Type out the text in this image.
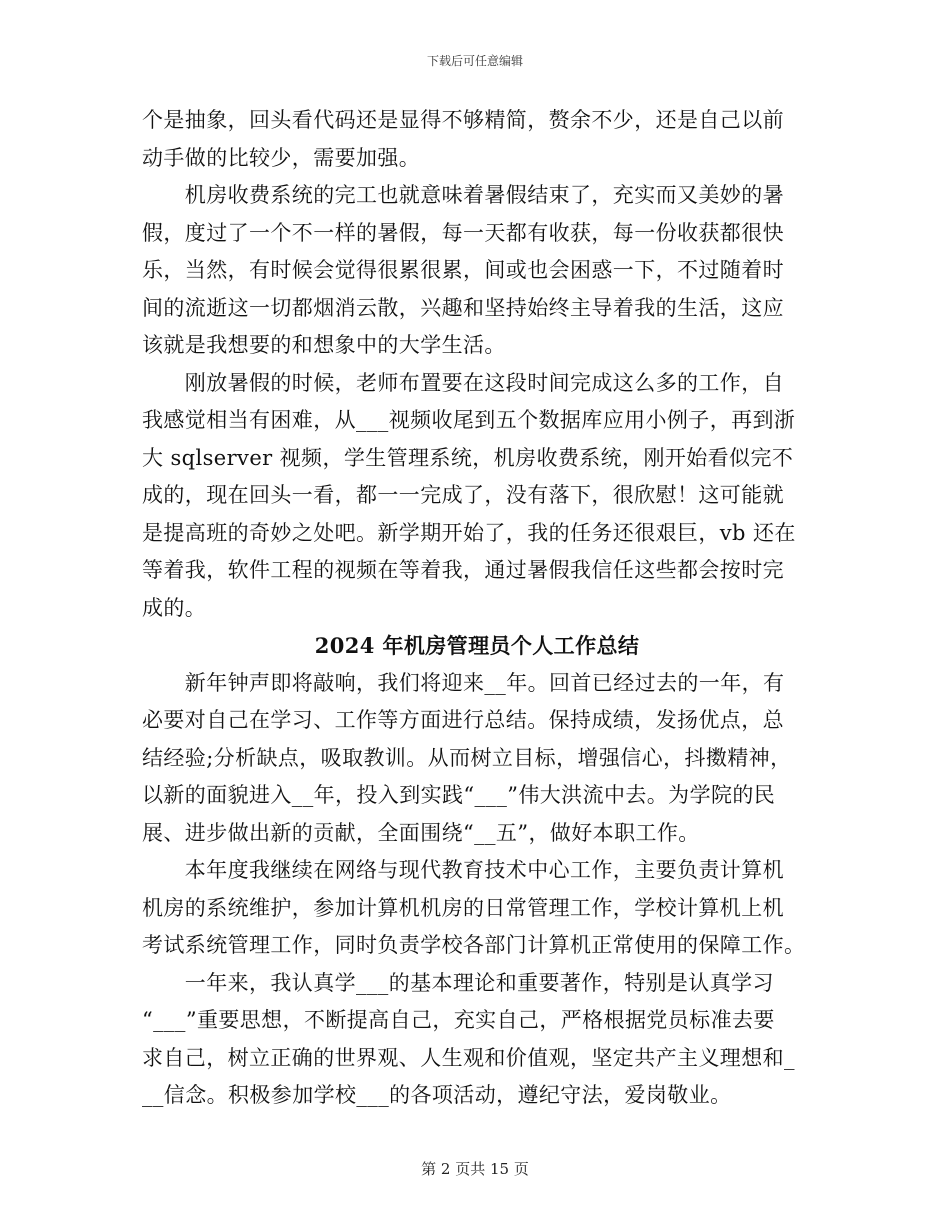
下载后可任意编辑
个是抽象，回头看代码还是显得不够精简，赘余不少，还是自己以前
动手做的比较少，需要加强。
　　机房收费系统的完工也就意味着暑假结束了，充实而又美妙的暑
假，度过了一个不一样的暑假，每一天都有收获，每一份收获都很快
乐，当然，有时候会觉得很累很累，间或也会困惑一下，不过随着时
间的流逝这一切都烟消云散，兴趣和坚持始终主导着我的生活，这应
该就是我想要的和想象中的大学生活。
　　刚放暑假的时候，老师布置要在这段时间完成这么多的工作，自
我感觉相当有困难，从___视频收尾到五个数据库应用小例子，再到浙
大 sqlserver 视频，学生管理系统，机房收费系统，刚开始看似完不
成的，现在回头一看，都一一完成了，没有落下，很欣慰！这可能就
是提高班的奇妙之处吧。新学期开始了，我的任务还很艰巨，vb 还在
等着我，软件工程的视频在等着我，通过暑假我信任这些都会按时完
成的。
2024 年机房管理员个人工作总结
　　新年钟声即将敲响，我们将迎来__年。回首已经过去的一年，有
必要对自己在学习、工作等方面进行总结。保持成绩，发扬优点，总
结经验;分析缺点，吸取教训。从而树立目标，增强信心，抖擞精神，
以新的面貌进入__年，投入到实践“___”伟大洪流中去。为学院的民
展、进步做出新的贡献，全面围绕“__五”，做好本职工作。
　　本年度我继续在网络与现代教育技术中心工作，主要负责计算机
机房的系统维护，参加计算机机房的日常管理工作，学校计算机上机
考试系统管理工作，同时负责学校各部门计算机正常使用的保障工作。
　　一年来，我认真学___的基本理论和重要著作，特别是认真学习
“___”重要思想，不断提高自己，充实自己，严格根据党员标准去要
求自己，树立正确的世界观、人生观和价值观，坚定共产主义理想和_
__信念。积极参加学校___的各项活动，遵纪守法，爱岗敬业。
第 2 页共 15 页
